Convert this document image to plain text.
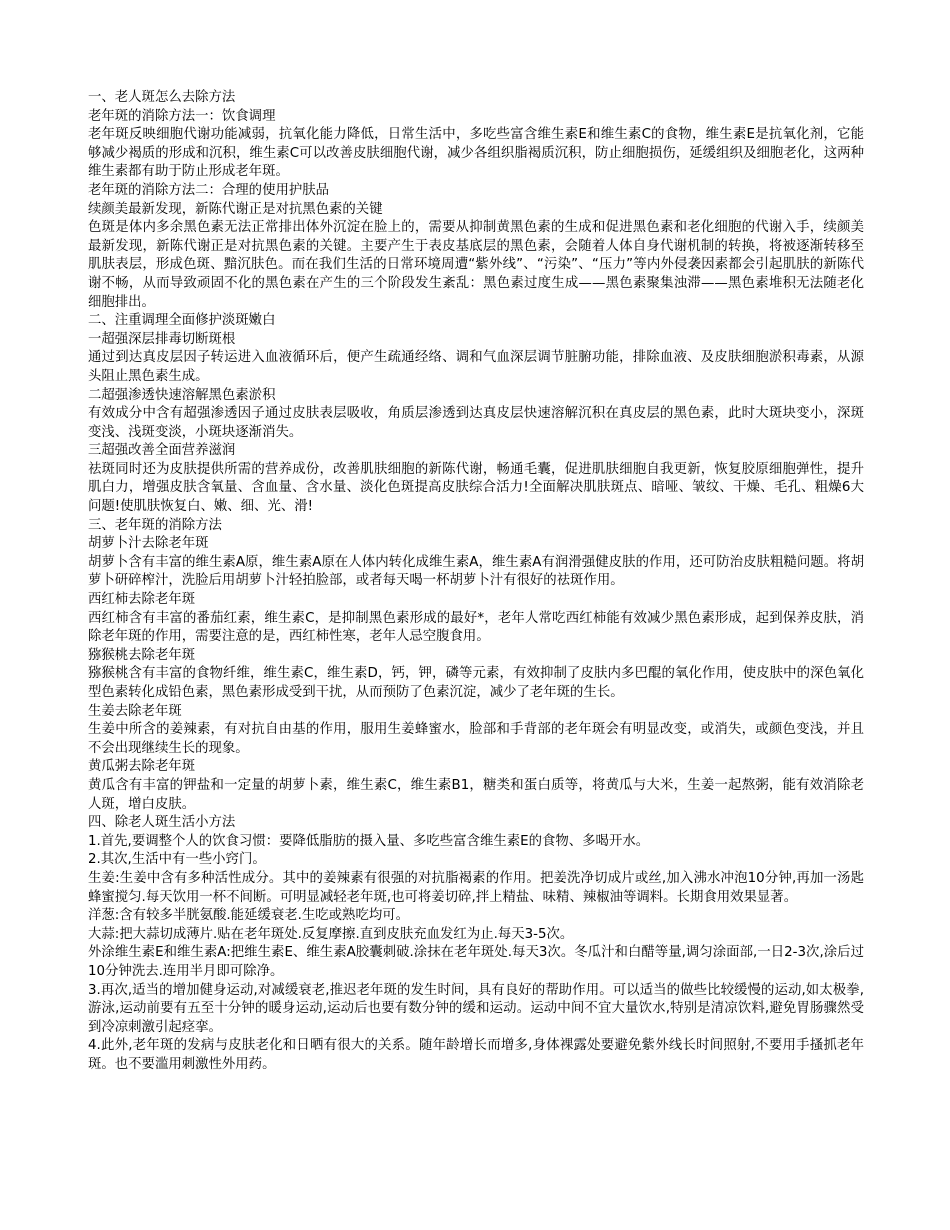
一、老人斑怎么去除方法

老年斑的消除方法一：饮食调理

老年斑反映细胞代谢功能减弱，抗氧化能力降低，日常生活中，多吃些富含维生素E和维生素C的食物，维生素E是抗氧化剂，它能够减少褐质的形成和沉积，维生素C可以改善皮肤细胞代谢，减少各组织脂褐质沉积，防止细胞损伤，延缓组织及细胞老化，这两种维生素都有助于防止形成老年斑。

老年斑的消除方法二：合理的使用护肤品

续颜美最新发现，新陈代谢正是对抗黑色素的关键

色斑是体内多余黑色素无法正常排出体外沉淀在脸上的，需要从抑制黄黑色素的生成和促进黑色素和老化细胞的代谢入手，续颜美最新发现，新陈代谢正是对抗黑色素的关键。主要产生于表皮基底层的黑色素，会随着人体自身代谢机制的转换，将被逐渐转移至肌肤表层，形成色斑、黯沉肤色。而在我们生活的日常环境周遭“紫外线”、“污染”、“压力”等内外侵袭因素都会引起肌肤的新陈代谢不畅，从而导致顽固不化的黑色素在产生的三个阶段发生紊乱：黑色素过度生成——黑色素聚集浊滞——黑色素堆积无法随老化细胞排出。

二、注重调理全面修护淡斑嫩白

一超强深层排毒切断斑根

通过到达真皮层因子转运进入血液循环后，便产生疏通经络、调和气血深层调节脏腑功能，排除血液、及皮肤细胞淤积毒素，从源头阻止黑色素生成。

二超强渗透快速溶解黑色素淤积

有效成分中含有超强渗透因子通过皮肤表层吸收，角质层渗透到达真皮层快速溶解沉积在真皮层的黑色素，此时大斑块变小，深斑变浅、浅斑变淡，小斑块逐渐消失。

三超强改善全面营养滋润

祛斑同时还为皮肤提供所需的营养成份，改善肌肤细胞的新陈代谢，畅通毛囊，促进肌肤细胞自我更新，恢复胶原细胞弹性，提升肌白力，增强皮肤含氧量、含血量、含水量、淡化色斑提高皮肤综合活力!全面解决肌肤斑点、暗哑、皱纹、干燥、毛孔、粗燥6大问题!使肌肤恢复白、嫩、细、光、滑!

三、老年斑的消除方法

胡萝卜汁去除老年斑

胡萝卜含有丰富的维生素A原，维生素A原在人体内转化成维生素A，维生素A有润滑强健皮肤的作用，还可防治皮肤粗糙问题。将胡萝卜研碎榨汁，洗脸后用胡萝卜汁轻拍脸部，或者每天喝一杯胡萝卜汁有很好的祛斑作用。

西红柿去除老年斑

西红柿含有丰富的番茄红素，维生素C，是抑制黑色素形成的最好*，老年人常吃西红柿能有效减少黑色素形成，起到保养皮肤，消除老年斑的作用，需要注意的是，西红柿性寒，老年人忌空腹食用。

猕猴桃去除老年斑

猕猴桃含有丰富的食物纤维，维生素C，维生素D，钙，钾，磷等元素，有效抑制了皮肤内多巴醌的氧化作用，使皮肤中的深色氧化型色素转化成铅色素，黑色素形成受到干扰，从而预防了色素沉淀，减少了老年斑的生长。

生姜去除老年斑

生姜中所含的姜辣素，有对抗自由基的作用，服用生姜蜂蜜水，脸部和手背部的老年斑会有明显改变，或消失，或颜色变浅，并且不会出现继续生长的现象。

黄瓜粥去除老年斑

黄瓜含有丰富的钾盐和一定量的胡萝卜素，维生素C，维生素B1，糖类和蛋白质等，将黄瓜与大米，生姜一起熬粥，能有效消除老人斑，增白皮肤。

四、除老人斑生活小方法

1.首先,要调整个人的饮食习惯：要降低脂肪的摄入量、多吃些富含维生素E的食物、多喝开水。

2.其次,生活中有一些小窍门。

生姜:生姜中含有多种活性成分。其中的姜辣素有很强的对抗脂褐素的作用。把姜洗净切成片或丝,加入沸水冲泡10分钟,再加一汤匙蜂蜜搅匀.每天饮用一杯不间断。可明显减轻老年斑,也可将姜切碎,拌上精盐、味精、辣椒油等调料。长期食用效果显著。

洋葱:含有较多半胱氨酸.能延缓衰老.生吃或熟吃均可。

大蒜:把大蒜切成薄片.贴在老年斑处.反复摩擦.直到皮肤充血发红为止.每天3-5次。

外涂维生素E和维生素A:把维生素E、维生素A胶囊刺破.涂抹在老年斑处.每天3次。冬瓜汁和白醋等量,调匀涂面部,一日2-3次,涂后过10分钟洗去.连用半月即可除净。

3.再次,适当的增加健身运动,对减缓衰老,推迟老年斑的发生时间，具有良好的帮助作用。可以适当的做些比较缓慢的运动,如太极拳,游泳,运动前要有五至十分钟的暖身运动,运动后也要有数分钟的缓和运动。运动中间不宜大量饮水,特别是清凉饮料,避免胃肠骤然受到冷凉刺激引起痉挛。

4.此外,老年斑的发病与皮肤老化和日晒有很大的关系。随年龄增长而增多,身体裸露处要避免紫外线长时间照射,不要用手搔抓老年斑。也不要滥用刺激性外用药。
